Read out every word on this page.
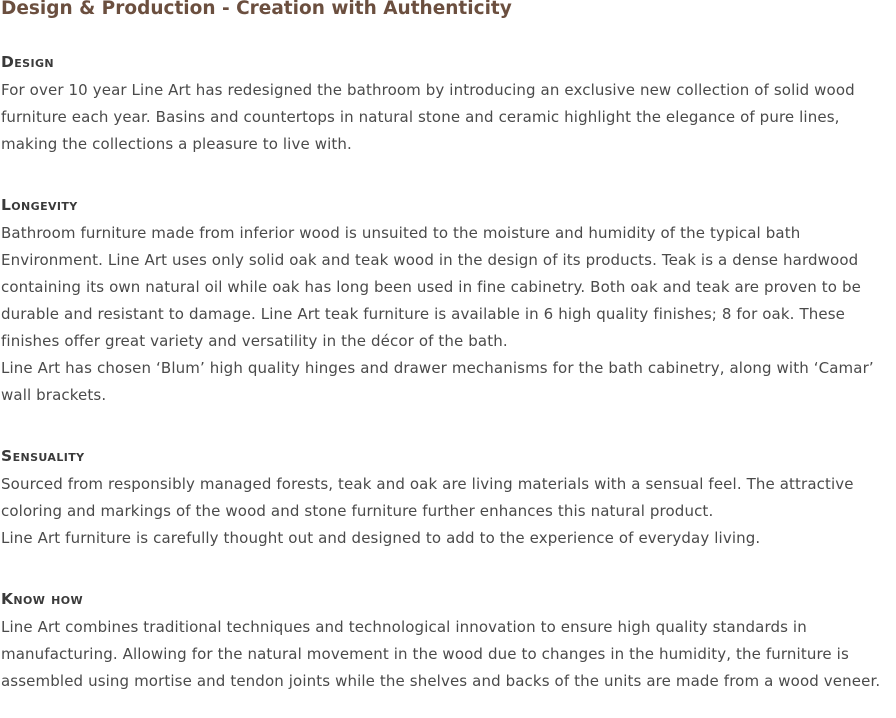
Design & Production - Creation with Authenticity
Design

For over 10 year Line Art has redesigned the bathroom by introducing an exclusive new collection of solid wood furniture each year. Basins and countertops in natural stone and ceramic highlight the elegance of pure lines, making the collections a pleasure to live with.

Longevity

Bathroom furniture made from inferior wood is unsuited to the moisture and humidity of the typical bath Environment. Line Art uses only solid oak and teak wood in the design of its products. Teak is a dense hardwood containing its own natural oil while oak has long been used in fine cabinetry. Both oak and teak are proven to be durable and resistant to damage. Line Art teak furniture is available in 6 high quality finishes; 8 for oak. These finishes offer great variety and versatility in the décor of the bath.

Line Art has chosen ‘Blum’ high quality hinges and drawer mechanisms for the bath cabinetry, along with ‘Camar’ wall brackets.

Sensuality

Sourced from responsibly managed forests, teak and oak are living materials with a sensual feel. The attractive coloring and markings of the wood and stone furniture further enhances this natural product.

Line Art furniture is carefully thought out and designed to add to the experience of everyday living.

Know how

Line Art combines traditional techniques and technological innovation to ensure high quality standards in manufacturing. Allowing for the natural movement in the wood due to changes in the humidity, the furniture is assembled using mortise and tendon joints while the shelves and backs of the units are made from a wood veneer.
